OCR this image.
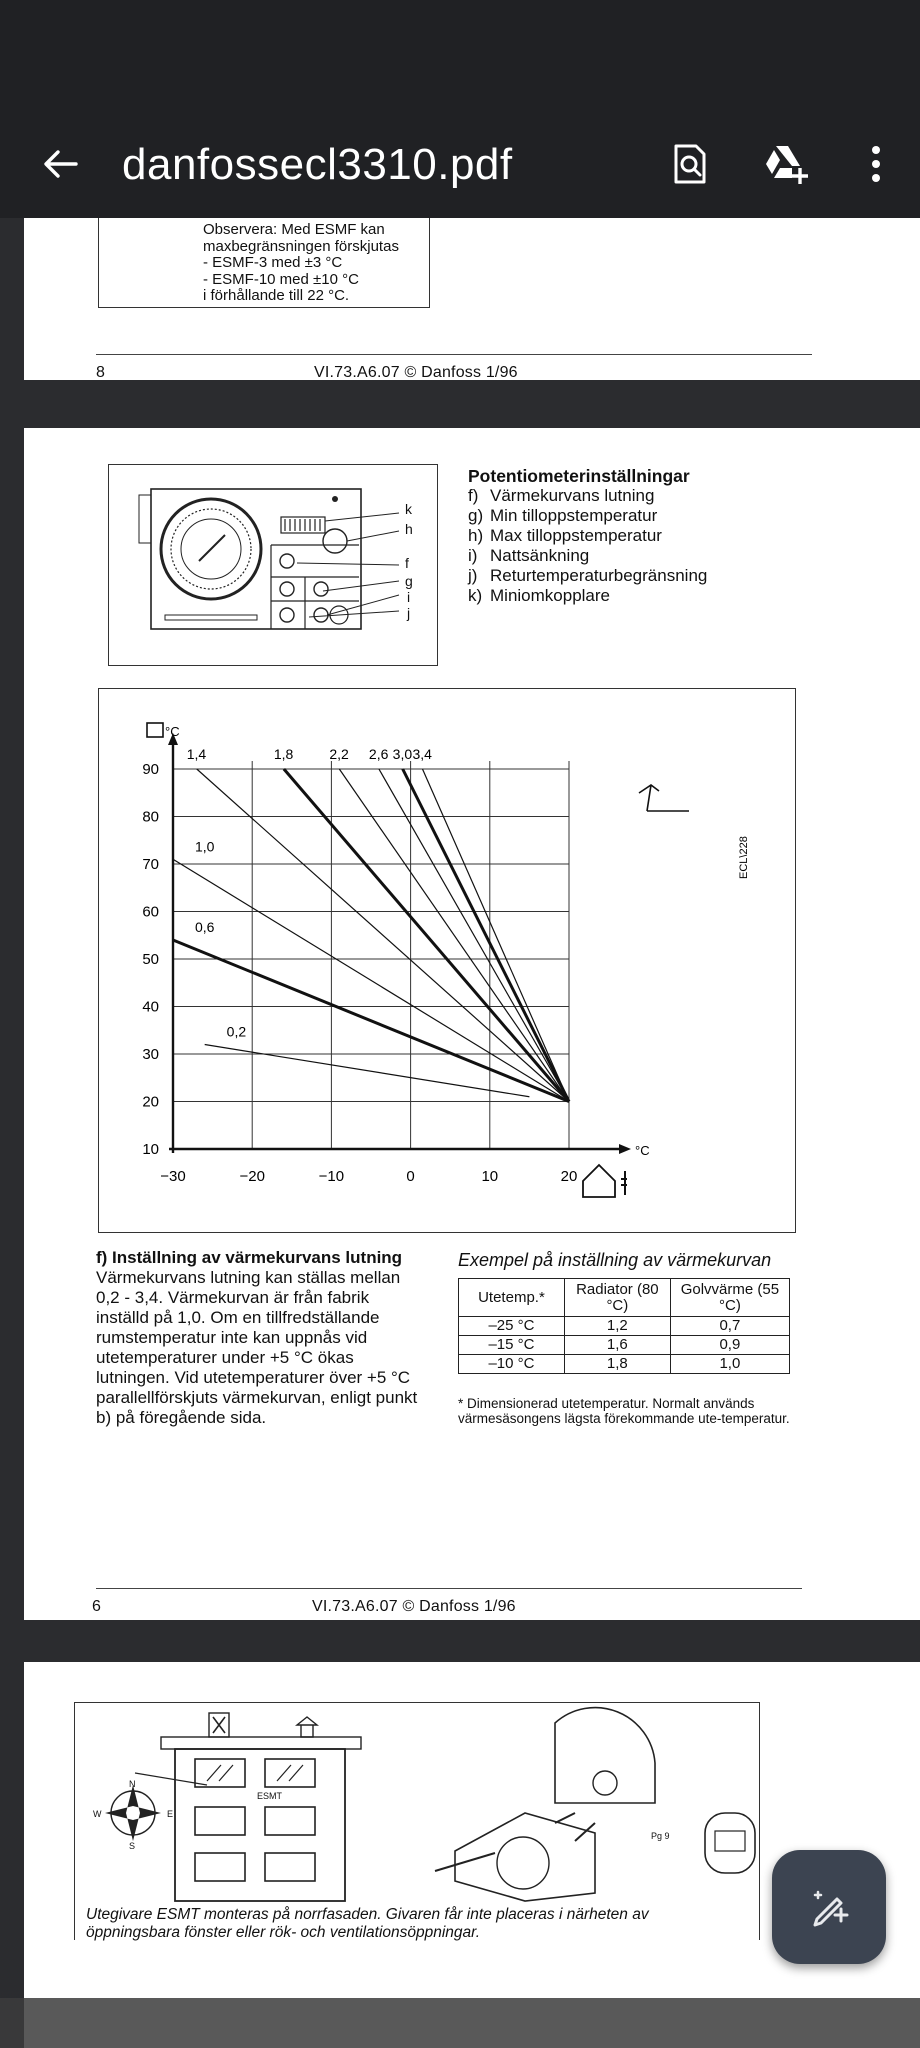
danfossecl3310.pdf
Observera: Med ESMF kan
maxbegränsningen förskjutas
- ESMF-3 med ±3 °C
- ESMF-10 med ±10 °C
i förhållande till 22 °C.
8	VI.73.A6.07 © Danfoss 1/96
k
h
f
g
i
j
Potentiometerinställningar
f) Värmekurvans lutning
g) Min tilloppstemperatur
h) Max tilloppstemperatur
i) Nattsänkning
j) Returtemperaturbegränsning
k) Miniomkopplare
−30	−20	−10	0	10	20
10
20
30
40
50
60
70
80
90
°C
°C
ECL\228
0,2
0,6
1,0
1,4	1,8	2,2 2,6 3,0 3,4
f) Inställning av värmekurvans lutning
Värmekurvans lutning kan ställas mellan 0,2 - 3,4. Värmekurvan är från fabrik inställd på 1,0. Om en tillfredställande rumstemperatur inte kan uppnås vid utetemperaturer under +5 °C ökas lutningen. Vid utetemperaturer över +5 °C parallellförskjuts värmekurvan, enligt punkt b) på föregående sida.
Exempel på inställning av värmekurvan
Utetemp.*	Radiator (80 °C)	Golvvärme (55 °C)
–25 °C	1,2	0,7
–15 °C	1,6	0,9
–10 °C	1,8	1,0
* Dimensionerad utetemperatur. Normalt används värmesäsongens lägsta förekommande ute-temperatur.
6	VI.73.A6.07 © Danfoss 1/96
ESMT
Pg 9
N
E
S
W
Utegivare ESMT monteras på norrfasaden. Givaren får inte placeras i närheten av öppningsbara fönster eller rök- och ventilationsöppningar.
